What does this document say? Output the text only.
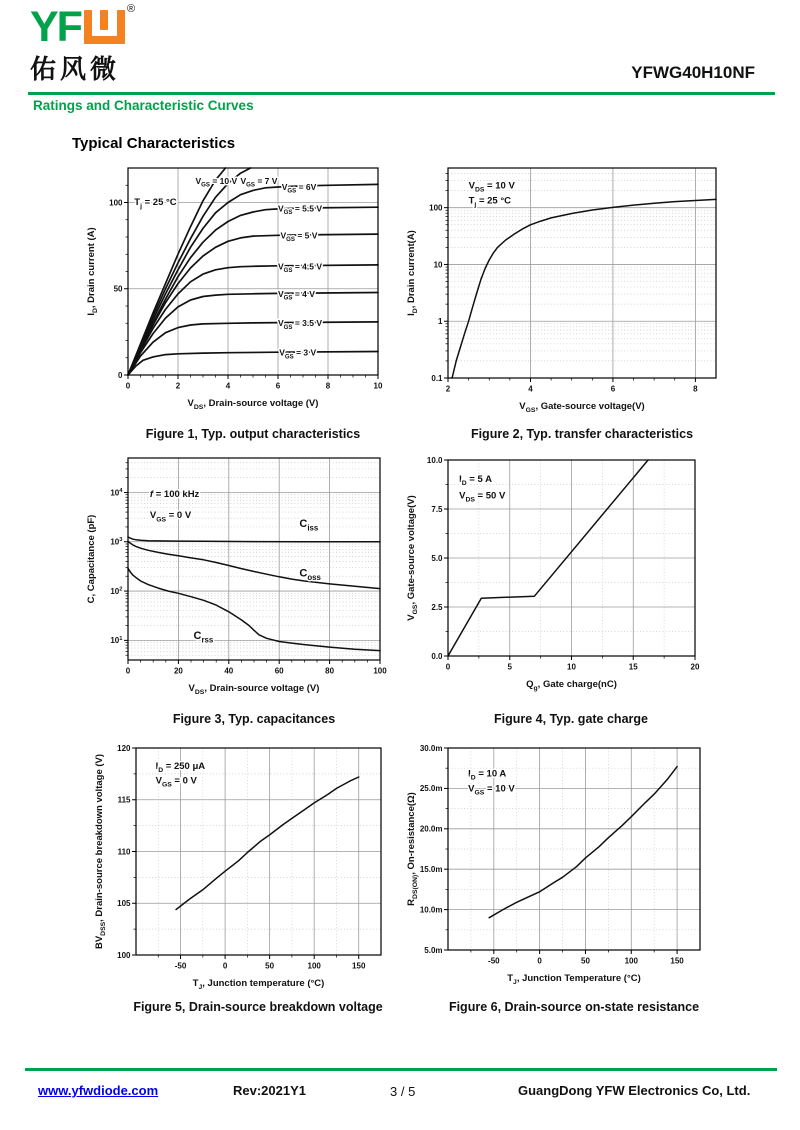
YF	®
佑风微	YFWG40H10NF
Ratings and Characteristic Curves
Typical Characteristics
$V_{GS} = 10$ V $V_{GS} = 7$ V
$V_{GS} = 6V$
$V_{GS} = 5.5$ V
$V_{GS} = 5$ V
$V_{GS} = 4.5$ V
$V_{GS} = 4$ V
$V_{GS} = 3.5$ V
$V_{GS} = 3$ V
$T_j = 25$ °C
0	2	4	6	8	10
0
50
100
$V_{DS}$, Drain-source voltage (V)
$I_D$, Drain current (A)
$V_{DS} = 10$ V
$T_j = 25$ °C
2	4	6	8
0.1
1
10
100
$V_{GS}$, Gate-source voltage(V)
$I_D$, Drain current(A)
$C_{iss}$
$C_{oss}$
$C_{rss}$
f = 100 kHz
$V_{GS} = 0$ V
0	20	40	60	80	100
$10^1$
$10^2$
$10^3$
$10^4$
$V_{DS}$, Drain-source voltage (V)
C, Capacitance (pF)
$I_D = 5$ A
$V_{DS} = 50$ V
0	5	10	15	20
0.0
2.5
5.0
7.5
10.0
$Q_g$, Gate charge(nC)
$V_{GS}$, Gate-source voltage(V)
$I_D = 250$ μA
$V_{GS} = 0$ V
-50	0	50	100	150
100
105
110
115
120
$T_J$, Junction temperature (°C)
$BV_{DSS}$, Drain-source breakdown voltage (V)	$I_D = 10$ A
$V_{GS} = 10$ V
-50	0	50	100	150
5.0m
10.0m
15.0m
20.0m
25.0m
30.0m
$T_J$, Junction Temperature (°C)
$R_{DS(ON)}$, On-resistance(Ω)
Figure 1, Typ. output characteristics	Figure 2, Typ. transfer characteristics
Figure 3, Typ. capacitances	Figure 4, Typ. gate charge
Figure 5, Drain-source breakdown voltage	Figure 6, Drain-source on-state resistance
www.yfwdiode.com	Rev:2021Y1	3 / 5	GuangDong YFW Electronics Co, Ltd.
